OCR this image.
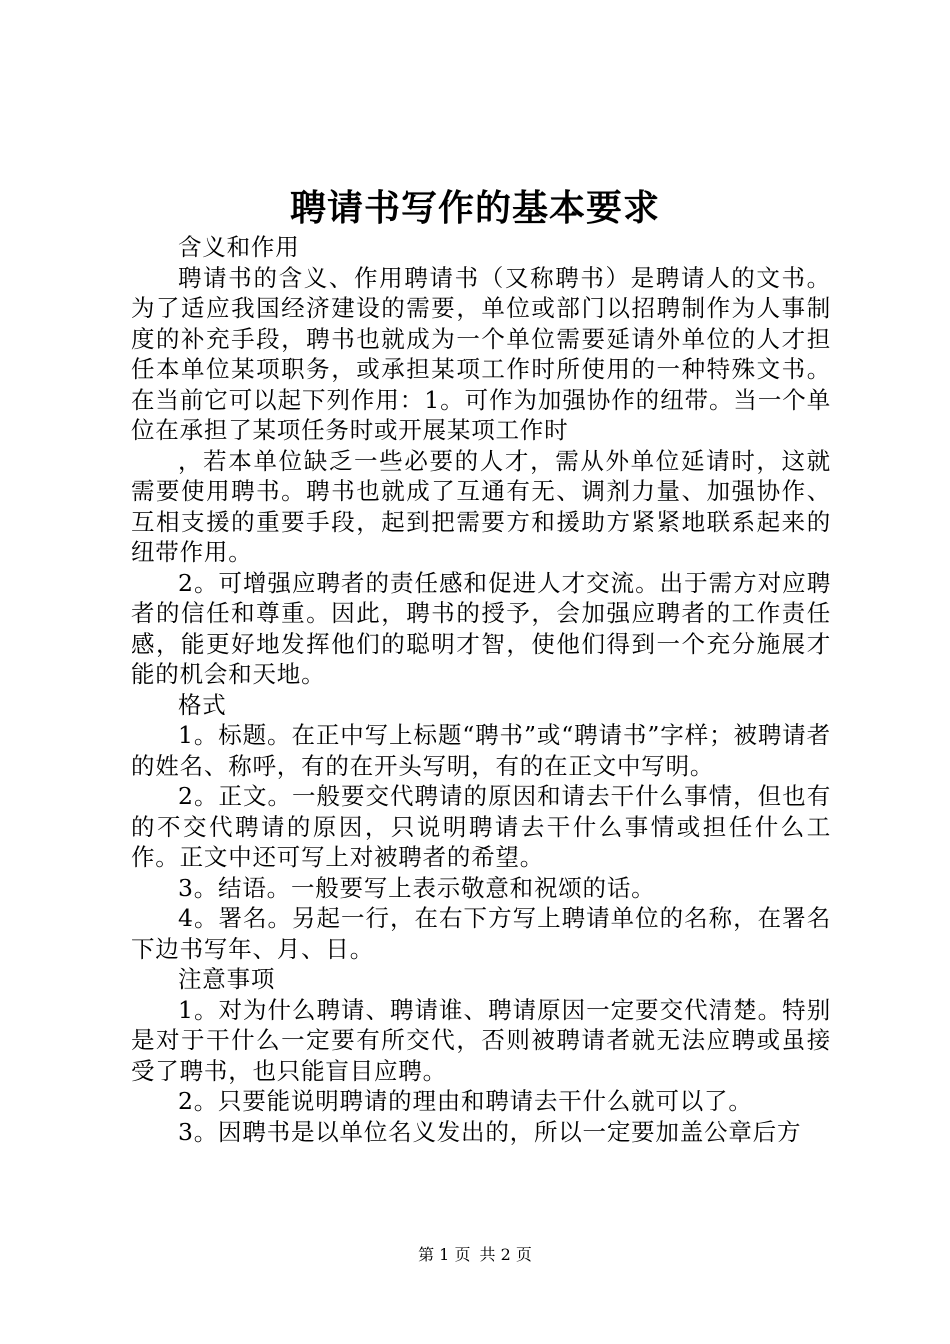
聘请书写作的基本要求

含义和作用

聘请书的含义、作用聘请书（又称聘书）是聘请人的文书。为了适应我国经济建设的需要，单位或部门以招聘制作为人事制度的补充手段，聘书也就成为一个单位需要延请外单位的人才担任本单位某项职务，或承担某项工作时所使用的一种特殊文书。在当前它可以起下列作用：1。可作为加强协作的纽带。当一个单位在承担了某项任务时或开展某项工作时

，若本单位缺乏一些必要的人才，需从外单位延请时，这就需要使用聘书。聘书也就成了互通有无、调剂力量、加强协作、互相支援的重要手段，起到把需要方和援助方紧紧地联系起来的纽带作用。

2。可增强应聘者的责任感和促进人才交流。出于需方对应聘者的信任和尊重。因此，聘书的授予，会加强应聘者的工作责任感，能更好地发挥他们的聪明才智，使他们得到一个充分施展才能的机会和天地。

格式

1。标题。在正中写上标题“聘书”或“聘请书”字样；被聘请者的姓名、称呼，有的在开头写明，有的在正文中写明。

2。正文。一般要交代聘请的原因和请去干什么事情，但也有的不交代聘请的原因，只说明聘请去干什么事情或担任什么工作。正文中还可写上对被聘者的希望。

3。结语。一般要写上表示敬意和祝颂的话。

4。署名。另起一行，在右下方写上聘请单位的名称，在署名下边书写年、月、日。

注意事项

1。对为什么聘请、聘请谁、聘请原因一定要交代清楚。特别是对于干什么一定要有所交代，否则被聘请者就无法应聘或虽接受了聘书，也只能盲目应聘。

2。只要能说明聘请的理由和聘请去干什么就可以了。

3。因聘书是以单位名义发出的，所以一定要加盖公章后方

第 1 页 共 2 页
